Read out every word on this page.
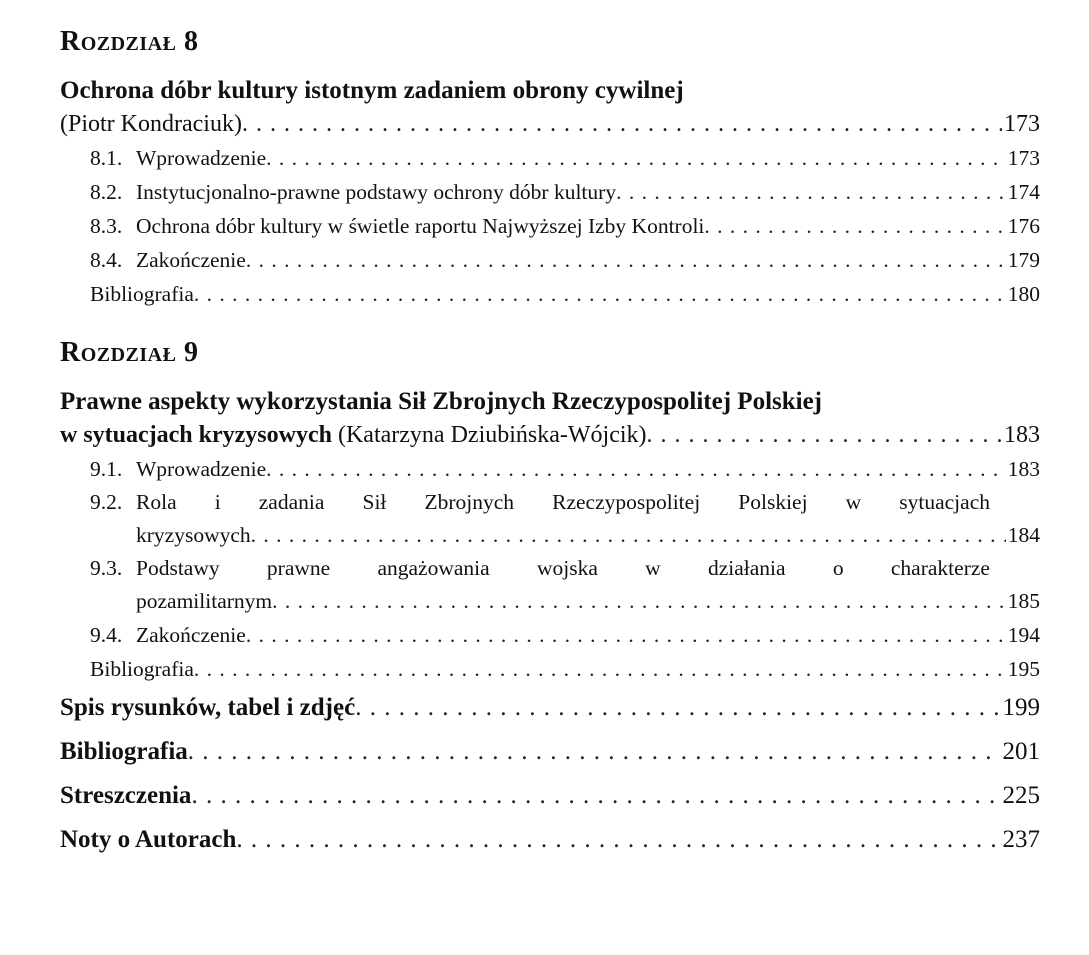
Rozdział 8
Ochrona dóbr kultury istotnym zadaniem obrony cywilnej
(Piotr Kondraciuk) . . .	173
8.1. Wprowadzenie . . .	173
8.2. Instytucjonalno-prawne podstawy ochrony dóbr kultury . . .	174
8.3. Ochrona dóbr kultury w świetle raportu Najwyższej Izby Kontroli . . .	176
8.4. Zakończenie . . .	179
Bibliografia . . .	180
Rozdział 9
Prawne aspekty wykorzystania Sił Zbrojnych Rzeczypospolitej Polskiej
w sytuacjach kryzysowych (Katarzyna Dziubińska-Wójcik) . . .	183
9.1. Wprowadzenie . . .	183
9.2. Rola i zadania Sił Zbrojnych Rzeczypospolitej Polskiej w sytuacjach
kryzysowych . . .	184
9.3. Podstawy prawne angażowania wojska w działania o charakterze
pozamilitarnym . . .	185
9.4. Zakończenie . . .	194
Bibliografia . . .	195
Spis rysunków, tabel i zdjęć . . .	199
Bibliografia . . .	201
Streszczenia . . .	225
Noty o Autorach . . .	237
